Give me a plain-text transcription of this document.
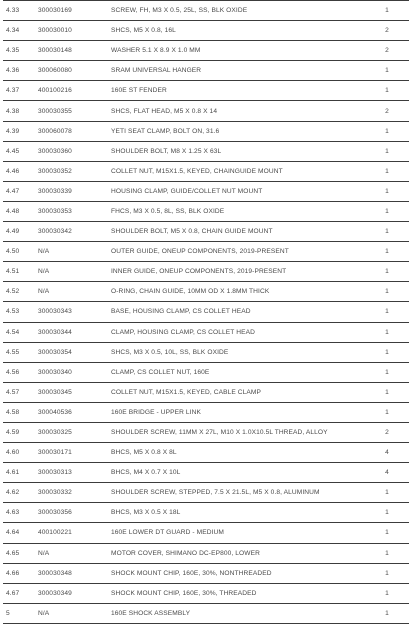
4.33	300030169	SCREW, FH, M3 X 0.5, 25L, SS, BLK OXIDE	1
4.34	300030010	SHCS, M5 X 0.8, 16L	2
4.35	300030148	WASHER 5.1 X 8.9 X 1.0 MM	2
4.36	300060080	SRAM UNIVERSAL HANGER	1
4.37	400100216	160E ST FENDER	1
4.38	300030355	SHCS, FLAT HEAD, M5 X 0.8 X 14	2
4.39	300060078	YETI SEAT CLAMP, BOLT ON, 31.6	1
4.45	300030360	SHOULDER BOLT, M8 X 1.25 X 63L	1
4.46	300030352	COLLET NUT, M15X1.5, KEYED, CHAINGUIDE MOUNT	1
4.47	300030339	HOUSING CLAMP, GUIDE/COLLET NUT MOUNT	1
4.48	300030353	FHCS, M3 X 0.5, 8L, SS, BLK OXIDE	1
4.49	300030342	SHOULDER BOLT, M5 X 0.8, CHAIN GUIDE MOUNT	1
4.50	N/A	OUTER GUIDE, ONEUP COMPONENTS, 2019-PRESENT	1
4.51	N/A	INNER GUIDE, ONEUP COMPONENTS, 2019-PRESENT	1
4.52	N/A	O-RING, CHAIN GUIDE, 10MM OD X 1.8MM THICK	1
4.53	300030343	BASE, HOUSING CLAMP, CS COLLET HEAD	1
4.54	300030344	CLAMP, HOUSING CLAMP, CS COLLET HEAD	1
4.55	300030354	SHCS, M3 X 0.5, 10L, SS, BLK OXIDE	1
4.56	300030340	CLAMP, CS COLLET NUT, 160E	1
4.57	300030345	COLLET NUT, M15X1.5, KEYED, CABLE CLAMP	1
4.58	300040536	160E BRIDGE - UPPER LINK	1
4.59	300030325	SHOULDER SCREW, 11MM X 27L, M10 X 1.0X10.5L THREAD, ALLOY	2
4.60	300030171	BHCS, M5 X 0.8 X 8L	4
4.61	300030313	BHCS, M4 X 0.7 X 10L	4
4.62	300030332	SHOULDER SCREW, STEPPED, 7.5 X 21.5L, M5 X 0.8, ALUMINUM	1
4.63	300030356	BHCS, M3 X 0.5 X 18L	1
4.64	400100221	160E LOWER DT GUARD - MEDIUM	1
4.65	N/A	MOTOR COVER, SHIMANO DC-EP800, LOWER	1
4.66	300030348	SHOCK MOUNT CHIP, 160E, 30%, NONTHREADED	1
4.67	300030349	SHOCK MOUNT CHIP, 160E, 30%, THREADED	1
5	N/A	160E SHOCK ASSEMBLY	1
